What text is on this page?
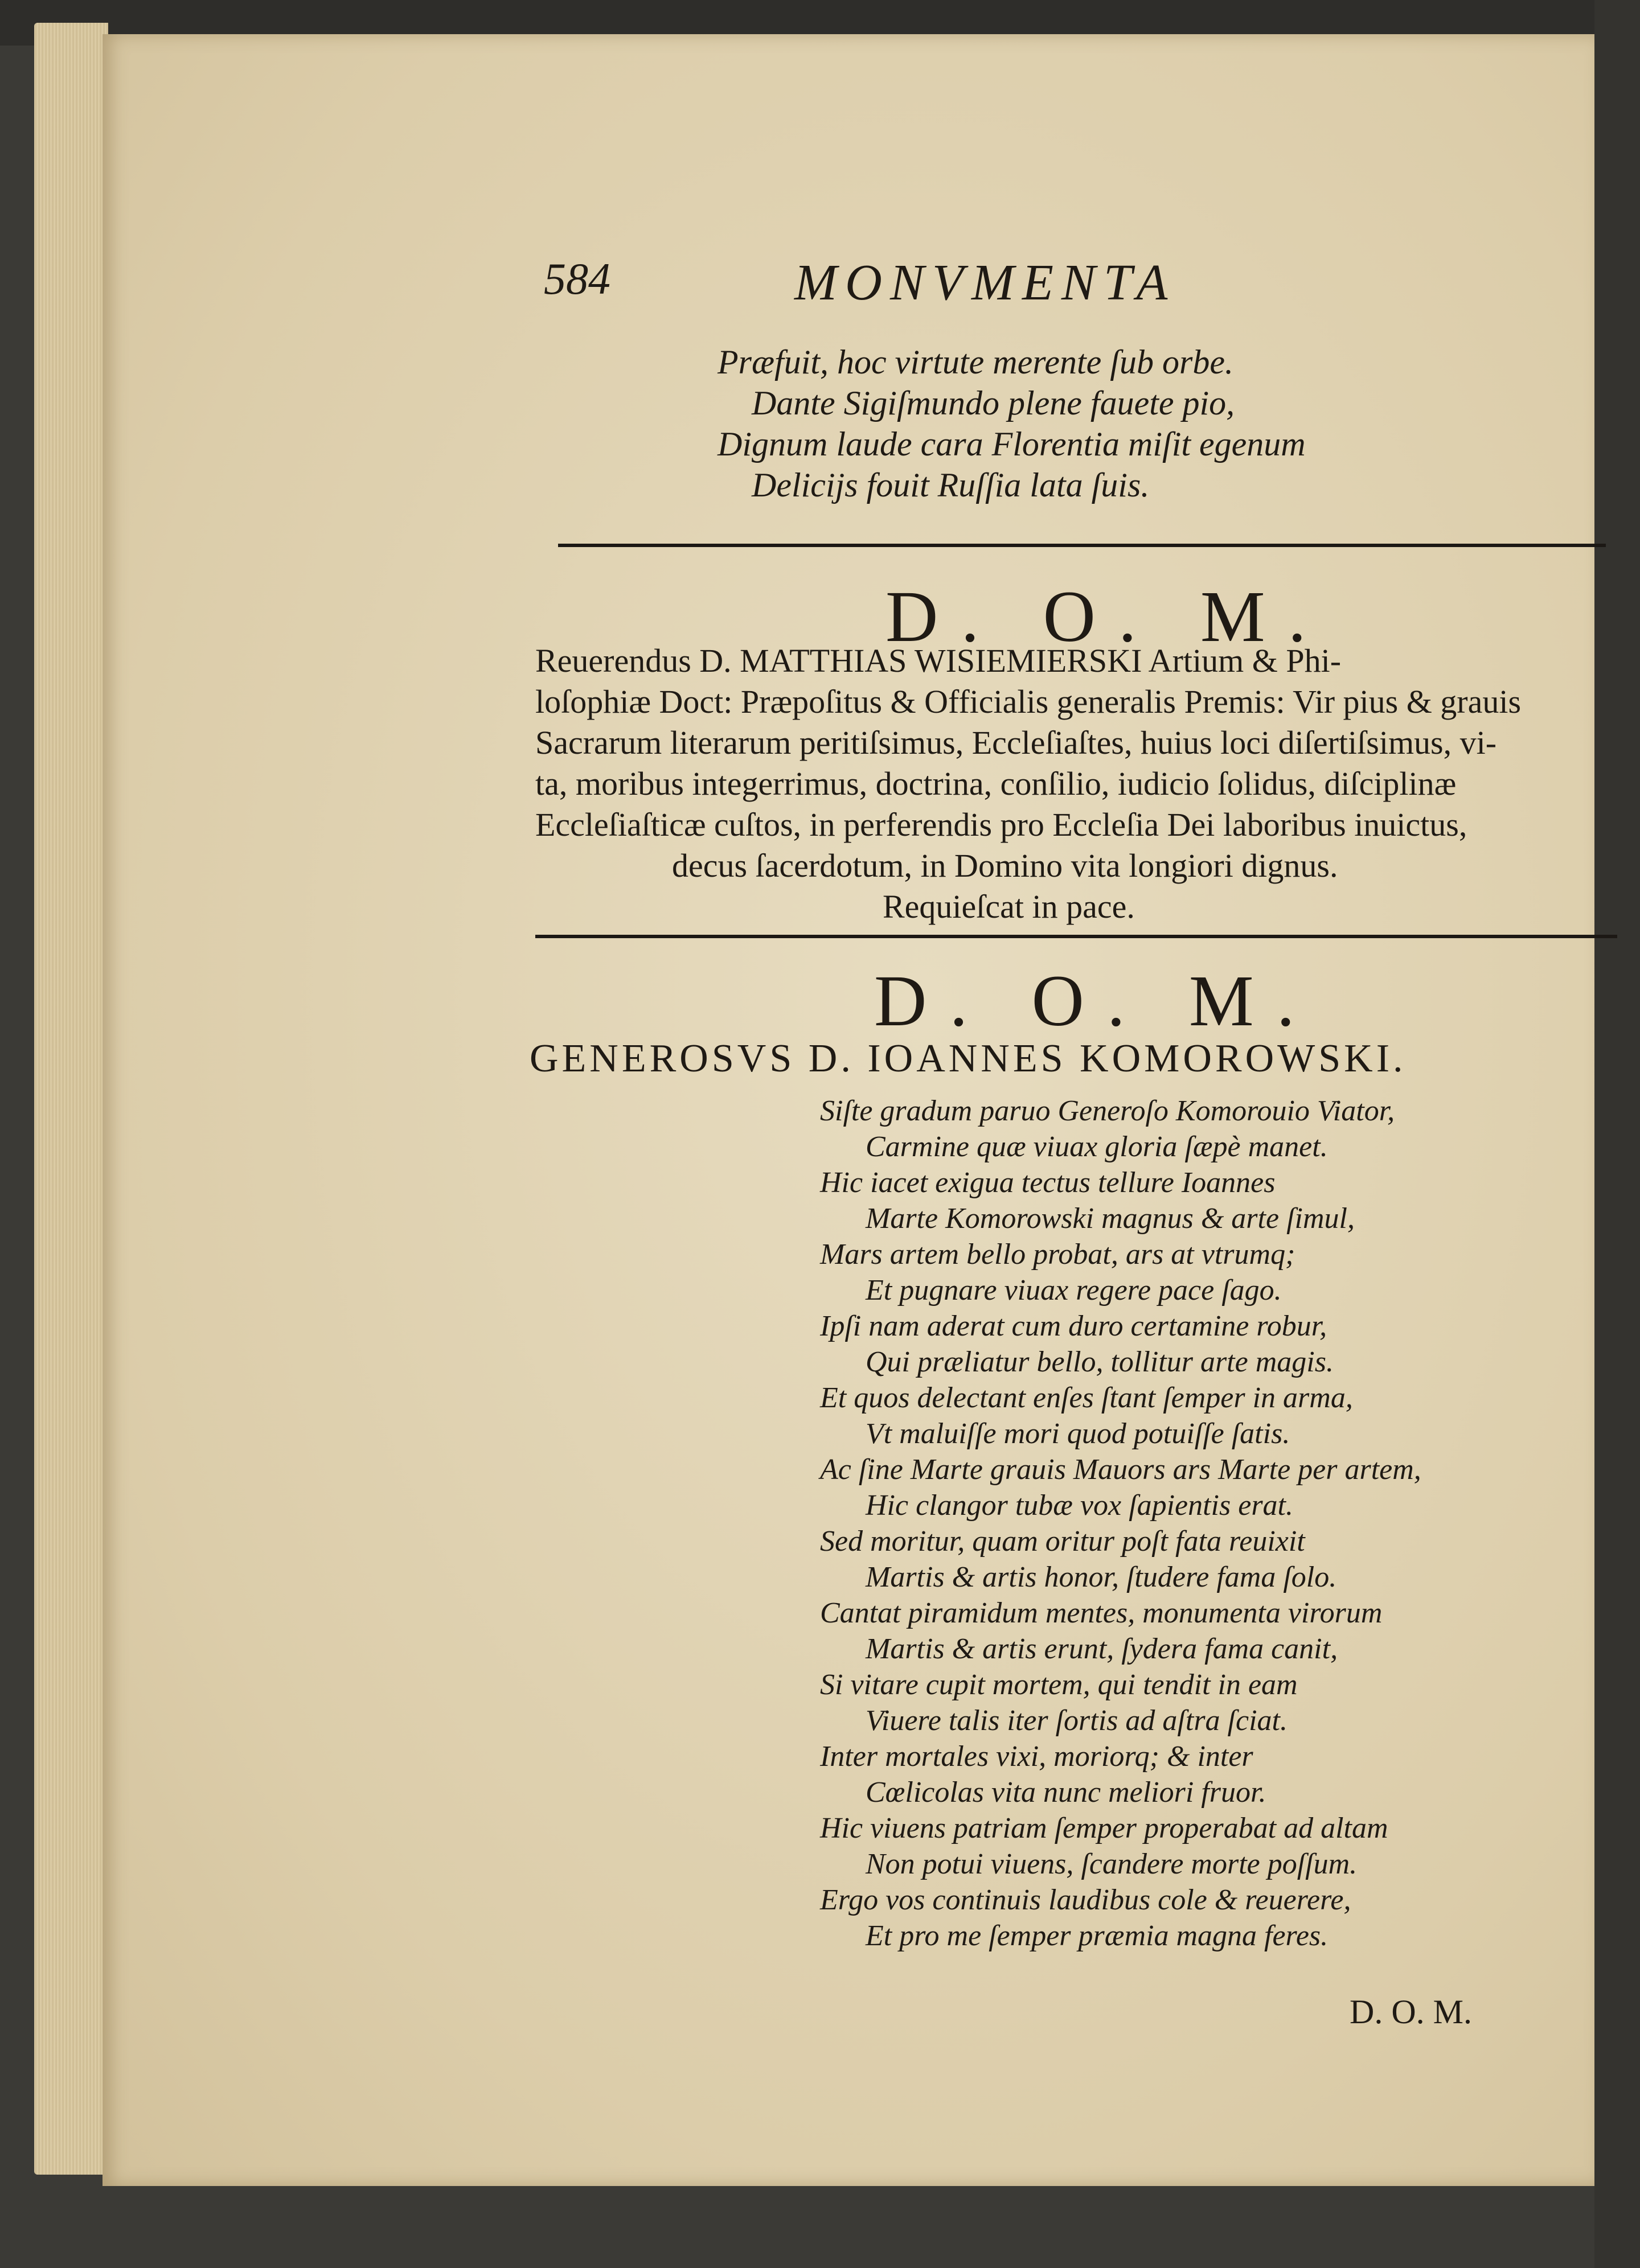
584	MONVMENTA
Præfuit, hoc virtute merente ſub orbe.
Dante Sigiſmundo plene fauete pio,
Dignum laude cara Florentia miſit egenum
Delicijs fouit Ruſſia lata ſuis.
D. O. M.
Reuerendus D. MATTHIAS WISIEMIERSKI Artium & Phi-
loſophiæ Doct: Præpoſitus & Officialis generalis Premis: Vir pius & grauis
Sacrarum literarum peritiſsimus, Eccleſiaſtes, huius loci diſertiſsimus, vi-
ta, moribus integerrimus, doctrina, conſilio, iudicio ſolidus, diſciplinæ
Eccleſiaſticæ cuſtos, in perferendis pro Eccleſia Dei laboribus inuictus,
decus ſacerdotum, in Domino vita longiori dignus.
Requieſcat in pace.
D. O. M.
GENEROSVS D. IOANNES KOMOROWSKI.
Siſte gradum paruo Generoſo Komorouio Viator,
Carmine quæ viuax gloria ſæpè manet.
Hic iacet exigua tectus tellure Ioannes
Marte Komorowski magnus & arte ſimul,
Mars artem bello probat, ars at vtrumq;
Et pugnare viuax regere pace ſago.
Ipſi nam aderat cum duro certamine robur,
Qui præliatur bello, tollitur arte magis.
Et quos delectant enſes ſtant ſemper in arma,
Vt maluiſſe mori quod potuiſſe ſatis.
Ac ſine Marte grauis Mauors ars Marte per artem,
Hic clangor tubæ vox ſapientis erat.
Sed moritur, quam oritur poſt fata reuixit
Martis & artis honor, ſtudere fama ſolo.
Cantat piramidum mentes, monumenta virorum
Martis & artis erunt, ſydera fama canit,
Si vitare cupit mortem, qui tendit in eam
Viuere talis iter ſortis ad aſtra ſciat.
Inter mortales vixi, moriorq; & inter
Cœlicolas vita nunc meliori fruor.
Hic viuens patriam ſemper properabat ad altam
Non potui viuens, ſcandere morte poſſum.
Ergo vos continuis laudibus cole & reuerere,
Et pro me ſemper præmia magna feres.
D. O. M.
